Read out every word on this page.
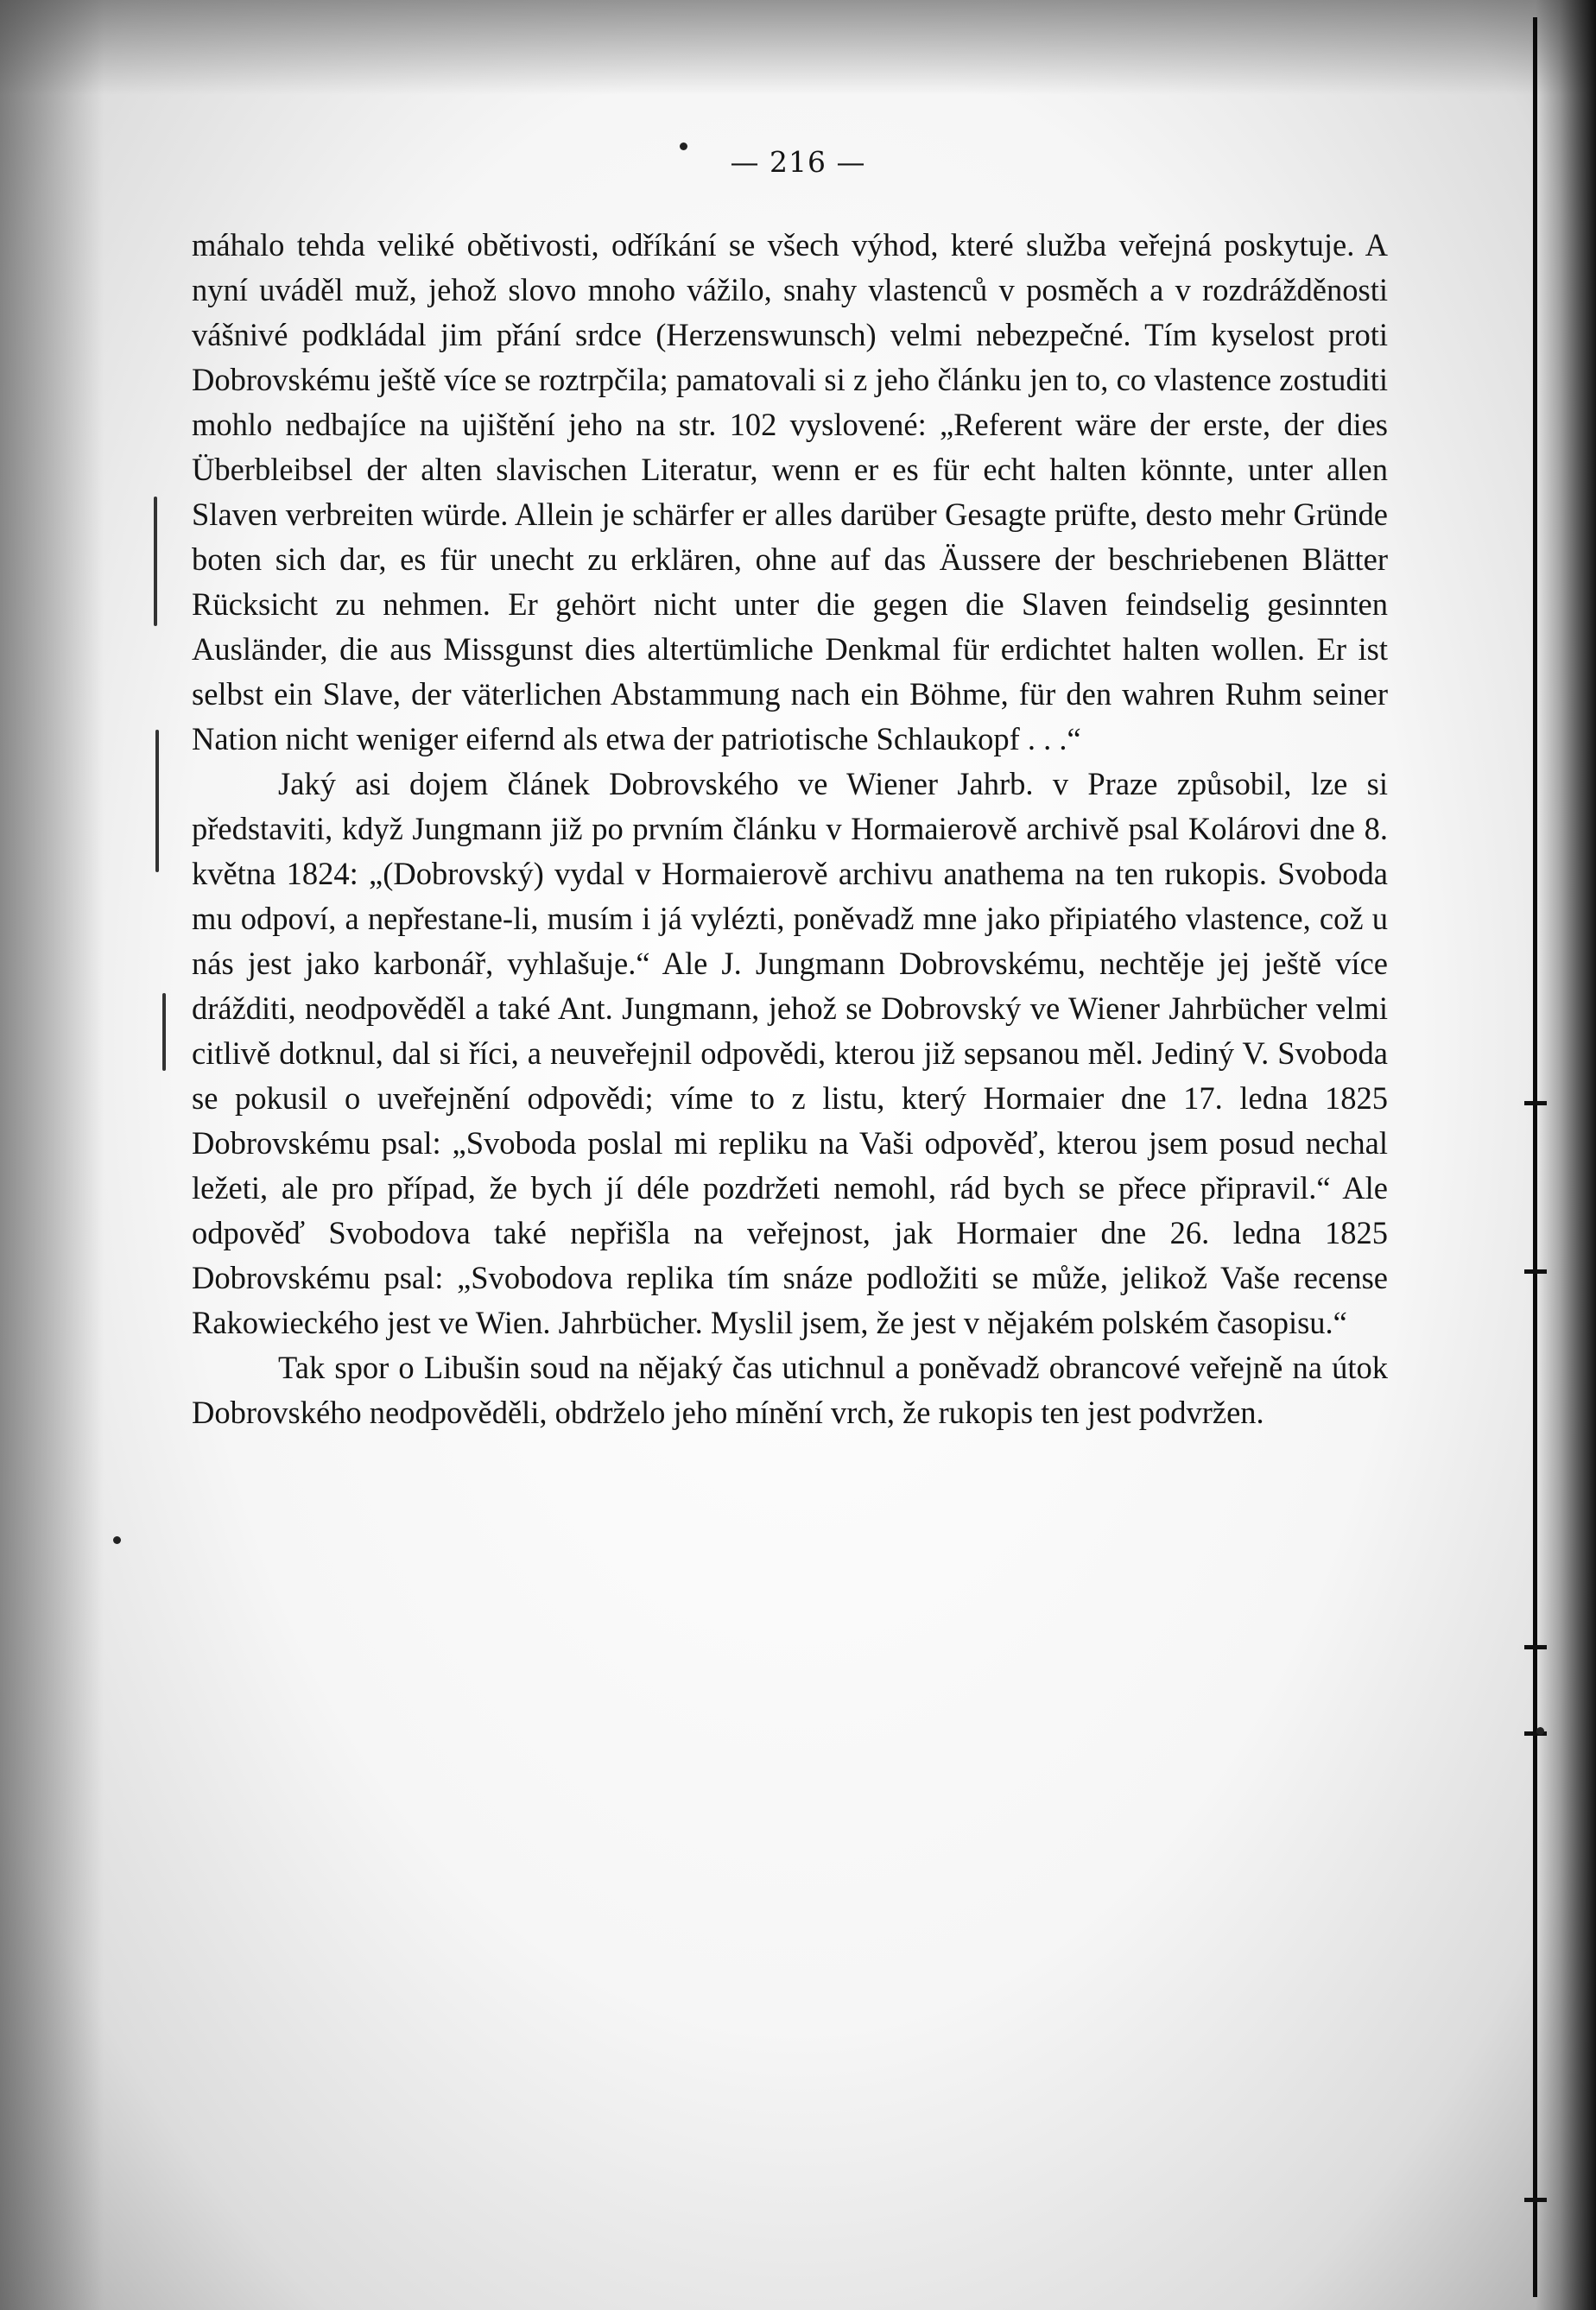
— 216 —

máhalo tehda veliké obětivosti, odříkání se všech výhod, které služba veřejná poskytuje. A nyní uváděl muž, jehož slovo mnoho vážilo, snahy vlastenců v posměch a v rozdrážděnosti vášnivé podkládal jim přání srdce (Herzenswunsch) velmi nebezpečné. Tím kyselost proti Dobrovskému ještě více se roztrpčila; pamatovali si z jeho článku jen to, co vlastence zostuditi mohlo nedbajíce na ujištění jeho na str. 102 vyslovené: „Referent wäre der erste, der dies Überbleibsel der alten slavischen Literatur, wenn er es für echt halten könnte, unter allen Slaven verbreiten würde. Allein je schärfer er alles darüber Gesagte prüfte, desto mehr Gründe boten sich dar, es für unecht zu erklären, ohne auf das Äussere der beschriebenen Blätter Rücksicht zu nehmen. Er gehört nicht unter die gegen die Slaven feindselig gesinnten Ausländer, die aus Missgunst dies altertümliche Denkmal für erdichtet halten wollen. Er ist selbst ein Slave, der väterlichen Abstammung nach ein Böhme, für den wahren Ruhm seiner Nation nicht weniger eifernd als etwa der patriotische Schlaukopf . . .“

Jaký asi dojem článek Dobrovského ve Wiener Jahrb. v Praze způsobil, lze si představiti, když Jungmann již po prvním článku v Hormaierově archivě psal Kolárovi dne 8. května 1824: „(Dobrovský) vydal v Hormaierově archivu anathema na ten rukopis. Svoboda mu odpoví, a nepřestane-li, musím i já vylézti, poněvadž mne jako připiatého vlastence, což u nás jest jako karbonář, vyhlašuje.“ Ale J. Jungmann Dobrovskému, nechtěje jej ještě více drážditi, neodpověděl a také Ant. Jungmann, jehož se Dobrovský ve Wiener Jahrbücher velmi citlivě dotknul, dal si říci, a neuveřejnil odpovědi, kterou již sepsanou měl. Jediný V. Svoboda se pokusil o uveřejnění odpovědi; víme to z listu, který Hormaier dne 17. ledna 1825 Dobrovskému psal: „Svoboda poslal mi repliku na Vaši odpověď, kterou jsem posud nechal ležeti, ale pro případ, že bych jí déle pozdržeti nemohl, rád bych se přece připravil.“ Ale odpověď Svobodova také nepřišla na veřejnost, jak Hormaier dne 26. ledna 1825 Dobrovskému psal: „Svobodova replika tím snáze podložiti se může, jelikož Vaše recense Rakowieckého jest ve Wien. Jahrbücher. Myslil jsem, že jest v nějakém polském časopisu.“

Tak spor o Libušin soud na nějaký čas utichnul a poněvadž obrancové veřejně na útok Dobrovského neodpověděli, obdrželo jeho mínění vrch, že rukopis ten jest podvržen.
